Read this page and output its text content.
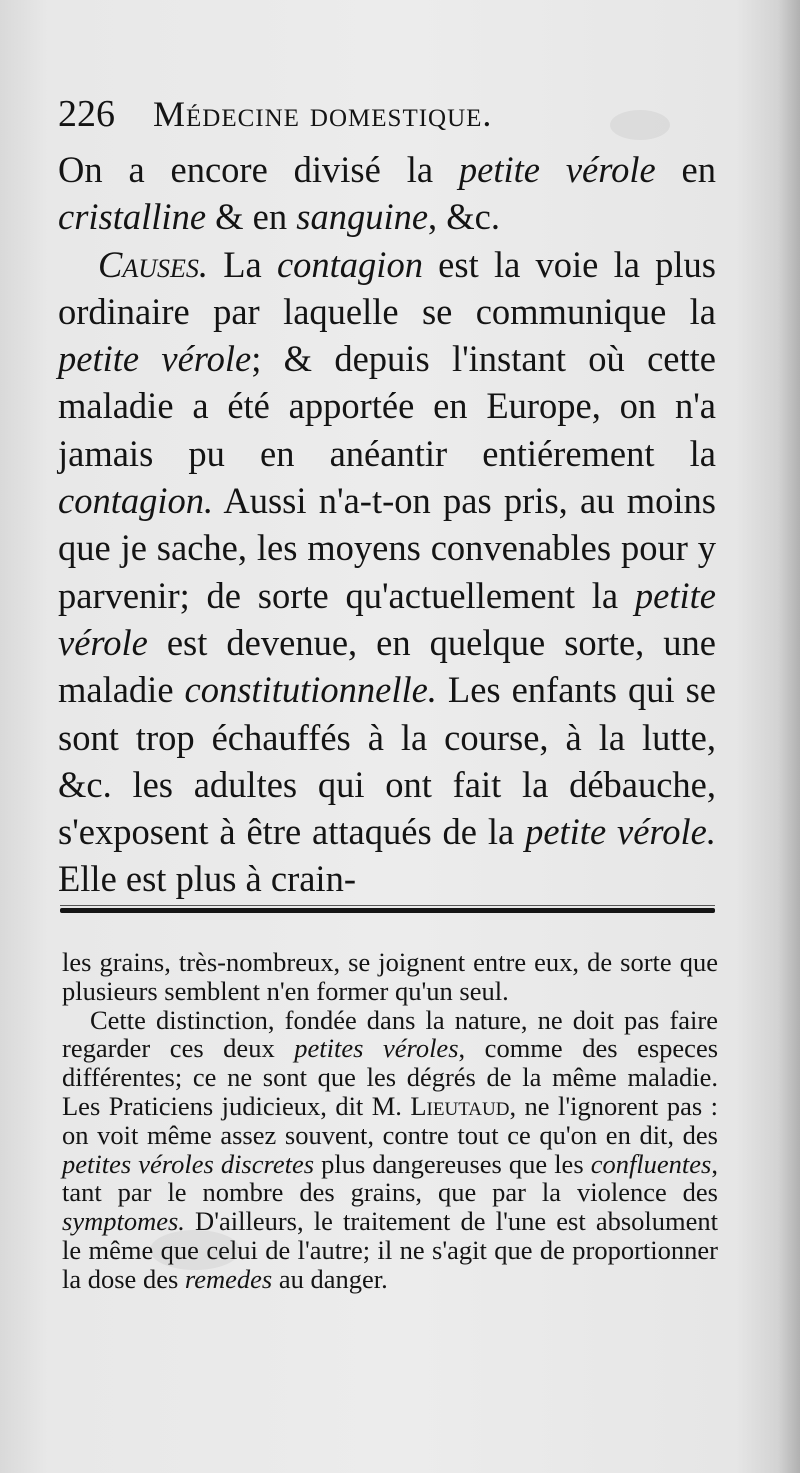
226 Médecine domestique.

On a encore divisé la petite vérole en cristalline & en sanguine, &c.

Causes. La contagion est la voie la plus ordinaire par laquelle se communique la petite vérole; & depuis l'instant où cette maladie a été apportée en Europe, on n'a jamais pu en anéantir entiérement la contagion. Aussi n'a-t-on pas pris, au moins que je sache, les moyens convenables pour y parvenir; de sorte qu'actuellement la petite vérole est devenue, en quelque sorte, une maladie constitutionnelle. Les enfants qui se sont trop échauffés à la course, à la lutte, &c. les adultes qui ont fait la débauche, s'exposent à être attaqués de la petite vérole. Elle est plus à crain-

les grains, très-nombreux, se joignent entre eux, de sorte que plusieurs semblent n'en former qu'un seul.

Cette distinction, fondée dans la nature, ne doit pas faire regarder ces deux petites véroles, comme des especes différentes; ce ne sont que les dégrés de la même maladie. Les Praticiens judicieux, dit M. Lieutaud, ne l'ignorent pas : on voit même assez souvent, contre tout ce qu'on en dit, des petites véroles discretes plus dangereuses que les confluentes, tant par le nombre des grains, que par la violence des symptomes. D'ailleurs, le traitement de l'une est absolument le même que celui de l'autre; il ne s'agit que de proportionner la dose des remedes au danger.
